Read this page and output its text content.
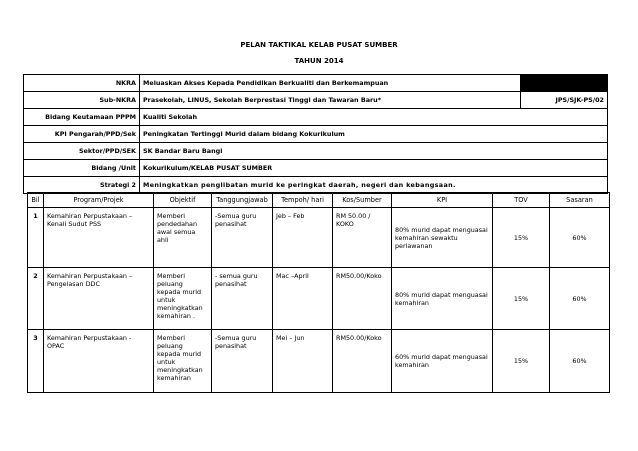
PELAN TAKTIKAL KELAB PUSAT SUMBER
TAHUN 2014
NKRA	Meluaskan Akses Kepada Pendidikan Berkualiti dan Berkemampuan	
Sub-NKRA	Prasekolah, LINUS, Sekolah Berprestasi Tinggi dan Tawaran Baru*	JPS/SJK-PS/02
Bidang Keutamaan PPPM	Kualiti Sekolah	
KPI Pengarah/PPD/Sek	Peningkatan Tertinggi Murid dalam bidang Kokurikulum	
Sektor/PPD/SEK	SK Bandar Baru Bangi	
Bidang /Unit	Kokurikulum/KELAB PUSAT SUMBER	
Strategi 2	Meningkatkan penglibatan murid ke peringkat daerah, negeri dan kebangsaan.	
Bil	Program/Projek	Objektif	Tanggungjawab	Tempoh/ hari	Kos/Sumber	KPI	TOV	Sasaran
1	Kemahiran Perpustakaan – Kenali Sudut PSS	Memberi pendedahan awal semua ahli	-Semua guru penasihat	Jeb – Feb	RM 50.00 / KOKO	80% murid dapat menguasai kemahiran sewaktu perlawanan	15%	60%
2	Kemahiran Perpustakaan – Pengelasan DDC	Memberi peluang kepada murid untuk meningkatkan kemahiran .	- semua guru penasihat	Mac –April	RM50.00/Koko	80% murid dapat menguasai kemahiran	15%	60%
3	Kemahiran Perpustakaan - OPAC	Memberi peluang kepada murid untuk meningkatkan kemahiran	-Semua guru penasihat	Mei – Jun	RM50.00/Koko	60% murid dapat menguasai kemahiran	15%	60%
